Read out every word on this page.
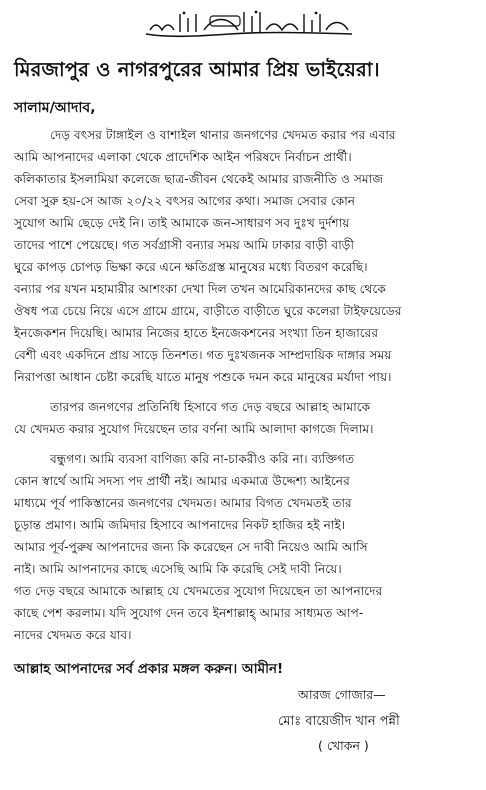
মিরজাপুর ও নাগরপুরের আমার প্রিয় ভাইয়েরা।
সালাম/আদাব,
দেড় বৎসর টাঙ্গাইল ও বাশাইল থানার জনগণের খেদমত করার পর এবার
আমি আপনাদের এলাকা থেকে প্রাদেশিক আইন পরিষদে নির্বাচন প্রার্থী।
কলিকাতার ইসলামিয়া কলেজে ছাত্র-জীবন থেকেই আমার রাজনীতি ও সমাজ
সেবা সুরু হয়-সে আজ ২০/২২ বৎসর আগের কথা। সমাজ সেবার কোন
সুযোগ আমি ছেড়ে দেই নি। তাই আমাকে জন-সাধারণ সব দুঃখ দুর্দশায়
তাদের পাশে পেয়েছে। গত সর্বগ্রাসী বন্যার সময় আমি ঢাকার বাড়ী বাড়ী
ঘুরে কাপড় চোপড় ভিক্ষা করে এনে ক্ষতিগ্রস্ত মানুষের মধ্যে বিতরণ করেছি।
বন্যার পর যখন মহামারীর আশংকা দেখা দিল তখন আমেরিকানদের কাছ থেকে
ঔষধ পত্র চেয়ে নিয়ে এসে গ্রামে গ্রামে, বাড়ীতে বাড়ীতে ঘুরে কলেরা টাইফয়েডের
ইনজেকশন দিয়েছি। আমার নিজের হাতে ইনজেকশনের সংখ্যা তিন হাজারের
বেশী এবং একদিনে প্রায় সাড়ে তিনশত। গত দুঃখজনক সাম্প্রদায়িক দাঙ্গার সময়
নিরাপত্তা আধান চেষ্টা করেছি যাতে মানুষ পশুকে দমন করে মানুষের মর্যাদা পায়।
তারপর জনগণের প্রতিনিধি হিসাবে গত দেড় বছরে আল্লাহ আমাকে
যে খেদমত করার সুযোগ দিয়েছেন তার বর্ণনা আমি আলাদা কাগজে দিলাম।
বন্ধুগণ। আমি ব্যবসা বাণিজ্য করি না-চাকরীও করি না। ব্যক্তিগত
কোন স্বার্থে আমি সদস্য পদ প্রার্থী নই। আমার একমাত্র উদ্দেশ্য আইনের
মাধ্যমে পূর্ব পাকিস্তানের জনগণের খেদমত। আমার বিগত খেদমতই তার
চূড়ান্ত প্রমাণ। আমি জমিদার হিসাবে আপনাদের নিকট হাজির হই নাই।
আমার পূর্ব-পুরুষ আপনাদের জন্য কি করেছেন সে দাবী নিয়েও আমি আসি
নাই। আমি আপনাদের কাছে এসেছি আমি কি করেছি সেই দাবী নিয়ে।
গত দেড় বছরে আমাকে আল্লাহ যে খেদমতের সুযোগ দিয়েছেন তা আপনাদের
কাছে পেশ করলাম। যদি সুযোগ দেন তবে ইনশাল্লাহ্ আমার সাধ্যমত আপ-
নাদের খেদমত করে যাব।
আল্লাহ আপনাদের সর্ব প্রকার মঙ্গল করুন। আমীন!
আরজ গোজার—
মোঃ বায়েজীদ খান পন্নী
( খোকন )
